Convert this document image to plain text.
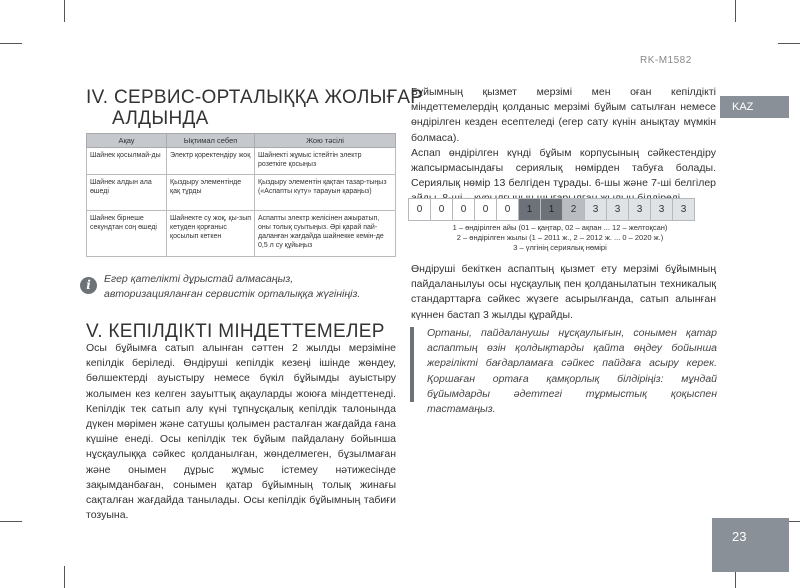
RK-M1582
KAZ
23
IV. СЕРВИС-ОРТАЛЫҚҚА ЖОЛЫҒАР
АЛДЫНДА
Ақау	Ықтимал себеп	Жою тәсілі
Шайнек қосылмай-ды	Электр қоректендіру жоқ	Шайнекті жұмыс істейтін электр розеткіге қосыңыз
Шайнек алдын ала өшеді	Қыздыру элементінде қақ тұрды	Қыздыру элементін қақтан тазар-тыңыз («Аспапты күту» тарауын қараңыз)
Шайнек бірнеше секундтан соң өшеді	Шайнекте су жоқ, қы-зып кетуден қорғаныс қосылып кеткен	Аспапты электр желісінен ажыратып, оны толық суытыңыз. Әрі қарай пай-даланған жағдайда шайнекке кемін-де 0,5 л су құйыңыз
i	Егер қателікті дұрыстай алмасаңыз, авторизацияланған сервистік орталыққа жүгініңіз.
V. КЕПІЛДІКТІ МІНДЕТТЕМЕЛЕР

Осы бұйымға сатып алынған сәттен 2 жылды мерзіміне кепілдік беріледі. Өндіруші кепілдік кезеңі ішінде жөндеу, бөлшектерді ауыстыру немесе бүкіл бұйымды ауыстыру жолымен кез келген зауыттық ақауларды жоюға міндеттенеді. Кепілдік тек сатып алу күні тұпнұсқалық кепілдік талонында дүкен мөрімен және сатушы қолымен расталған жағдайда ғана күшіне енеді. Осы кепілдік тек бұйым пайдалану бойынша нұсқаулыққа сәйкес қолданылған, жөнделмеген, бұзылмаған және онымен дұрыс жұмыс істемеу нәтижесінде зақымданбаған, сонымен қатар бұйымның толық жинағы сақталған жағдайда танылады. Осы кепілдік бұйымның табиғи тозуына.

Бұйымның қызмет мерзімі мен оған кепілдікті міндеттемелердің қолданыс мерзімі бұйым сатылған немесе өндірілген кезден есептеледі (егер сату күнін анықтау мүмкін болмаса).
Аспап өндірілген күнді бұйым корпусының сәйкестендіру жапсырмасындағы сериялық нөмірден табуға болады. Сериялық нөмір 13 белгіден тұрады. 6-шы және 7-ші белгілер

0	0	0	0	0	1	1	2	3	3	3	3	3
1 – өндірілген айы (01 – қаңтар, 02 – ақпан ... 12 – желтоқсан)
2 – өндірілген жылы (1 – 2011 ж., 2 – 2012 ж. ... 0 – 2020 ж.)
3 – үлгінің сериялық нөмірі

Өндіруші бекіткен аспаптың қызмет ету мерзімі бұйымның пайдаланылуы осы нұсқаулық пен қолданылатын техникалық стандарттарға сәйкес жүзеге асырылғанда, сатып алынған күннен бастап 3 жылды құрайды.

Ортаны, пайдаланушы нұсқаулығын, сонымен қатар аспаптың өзін қолдықтарды қайта өңдеу бойынша жергілікті бағдарламаға сәйкес пайдаға асыру керек. Қоршаған ортаға қамқорлық білдіріңіз: мұндай бұйымдарды әдеттегі тұрмыстық қоқыспен тастамаңыз.
